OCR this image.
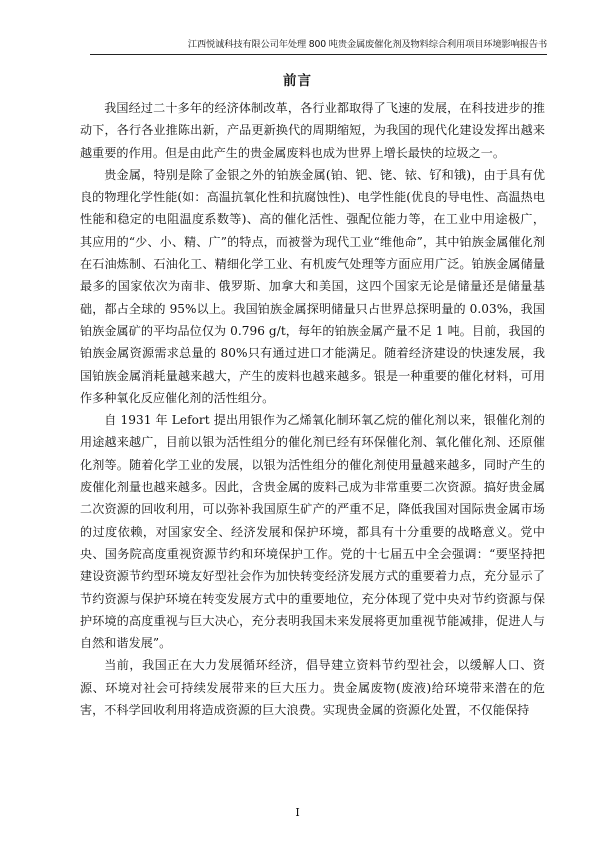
江西悦诚科技有限公司年处理 800 吨贵金属废催化剂及物料综合利用项目环境影响报告书
前言

我国经过二十多年的经济体制改革，各行业都取得了飞速的发展，在科技进步的推动下，各行各业推陈出新，产品更新换代的周期缩短，为我国的现代化建设发挥出越来越重要的作用。但是由此产生的贵金属废料也成为世界上增长最快的垃圾之一。

贵金属，特别是除了金银之外的铂族金属(铂、钯、铑、铱、钌和锇)，由于具有优良的物理化学性能(如：高温抗氧化性和抗腐蚀性)、电学性能(优良的导电性、高温热电性能和稳定的电阻温度系数等)、高的催化活性、强配位能力等，在工业中用途极广，其应用的“少、小、精、广”的特点，而被誉为现代工业“维他命”，其中铂族金属催化剂在石油炼制、石油化工、精细化学工业、有机废气处理等方面应用广泛。铂族金属储量最多的国家依次为南非、俄罗斯、加拿大和美国，这四个国家无论是储量还是储量基础，都占全球的 95%以上。我国铂族金属探明储量只占世界总探明量的 0.03%，我国铂族金属矿的平均品位仅为 0.796 g/t，每年的铂族金属产量不足 1 吨。目前，我国的铂族金属资源需求总量的 80%只有通过进口才能满足。随着经济建设的快速发展，我国铂族金属消耗量越来越大，产生的废料也越来越多。银是一种重要的催化材料，可用作多种氧化反应催化剂的活性组分。

自 1931 年 Lefort 提出用银作为乙烯氧化制环氧乙烷的催化剂以来，银催化剂的用途越来越广，目前以银为活性组分的催化剂已经有环保催化剂、氧化催化剂、还原催化剂等。随着化学工业的发展，以银为活性组分的催化剂使用量越来越多，同时产生的废催化剂量也越来越多。因此，含贵金属的废料己成为非常重要二次资源。搞好贵金属二次资源的回收利用，可以弥补我国原生矿产的严重不足，降低我国对国际贵金属市场的过度依赖，对国家安全、经济发展和保护环境，都具有十分重要的战略意义。党中央、国务院高度重视资源节约和环境保护工作。党的十七届五中全会强调：“要坚持把建设资源节约型环境友好型社会作为加快转变经济发展方式的重要着力点，充分显示了节约资源与保护环境在转变发展方式中的重要地位，充分体现了党中央对节约资源与保护环境的高度重视与巨大决心，充分表明我国未来发展将更加重视节能减排，促进人与自然和谐发展”。

当前，我国正在大力发展循环经济，倡导建立资料节约型社会，以缓解人口、资源、环境对社会可持续发展带来的巨大压力。贵金属废物(废液)给环境带来潜在的危害，不科学回收利用将造成资源的巨大浪费。实现贵金属的资源化处置，不仅能保持

I
